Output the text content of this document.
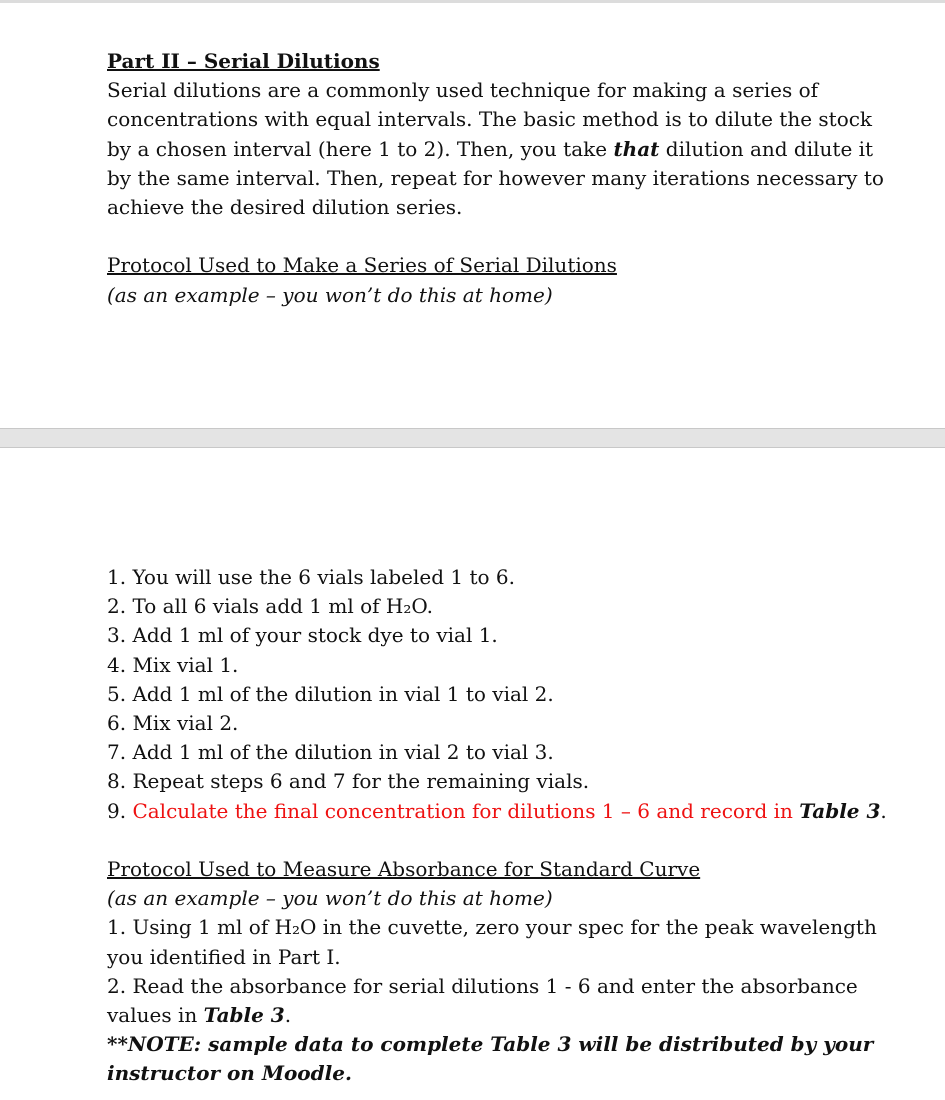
Part II – Serial Dilutions

Serial dilutions are a commonly used technique for making a series of concentrations with equal intervals. The basic method is to dilute the stock by a chosen interval (here 1 to 2). Then, you take that dilution and dilute it by the same interval. Then, repeat for however many iterations necessary to achieve the desired dilution series.

Protocol Used to Make a Series of Serial Dilutions

(as an example – you won’t do this at home)

1. You will use the 6 vials labeled 1 to 6.

2. To all 6 vials add 1 ml of H₂O.

3. Add 1 ml of your stock dye to vial 1.

4. Mix vial 1.

5. Add 1 ml of the dilution in vial 1 to vial 2.

6. Mix vial 2.

7. Add 1 ml of the dilution in vial 2 to vial 3.

8. Repeat steps 6 and 7 for the remaining vials.

9. Calculate the final concentration for dilutions 1 – 6 and record in Table 3.

Protocol Used to Measure Absorbance for Standard Curve

(as an example – you won’t do this at home)

1. Using 1 ml of H₂O in the cuvette, zero your spec for the peak wavelength you identified in Part I.

2. Read the absorbance for serial dilutions 1 - 6 and enter the absorbance values in Table 3.

**NOTE: sample data to complete Table 3 will be distributed by your instructor on Moodle.
